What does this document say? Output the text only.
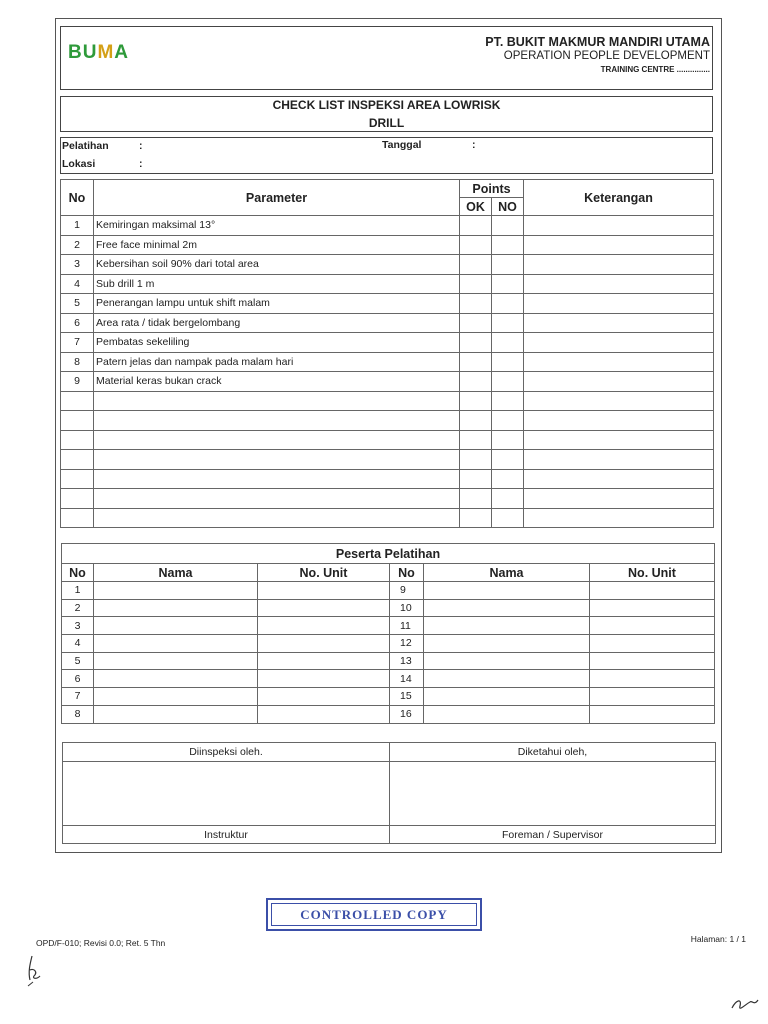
BUMA	PT. BUKIT MAKMUR MANDIRI UTAMA
OPERATION PEOPLE DEVELOPMENT
TRAINING CENTRE ...............
CHECK LIST INSPEKSI AREA LOWRISK
DRILL
Pelatihan	:
Lokasi	:
Tanggal	:
No	Parameter	Points		Keterangan
		OK	NO	
1	Kemiringan maksimal 13°			
2	Free face minimal 2m			
3	Kebersihan soil 90% dari total area			
4	Sub drill 1 m			
5	Penerangan lampu untuk shift malam			
6	Area rata / tidak bergelombang			
7	Pembatas sekeliling			
8	Patern jelas dan nampak pada malam hari			
9	Material keras bukan crack			

Peserta Pelatihan					
No	Nama	No. Unit	No	Nama	No. Unit
1			9		
2			10		
3			11		
4			12		
5			13		
6			14		
7			15		
8			16		
Diinspeksi oleh.	Diketahui oleh,

Instruktur	Foreman / Supervisor
CONTROLLED COPY
OPD/F-010; Revisi 0.0; Ret. 5 Thn	Halaman: 1 / 1
